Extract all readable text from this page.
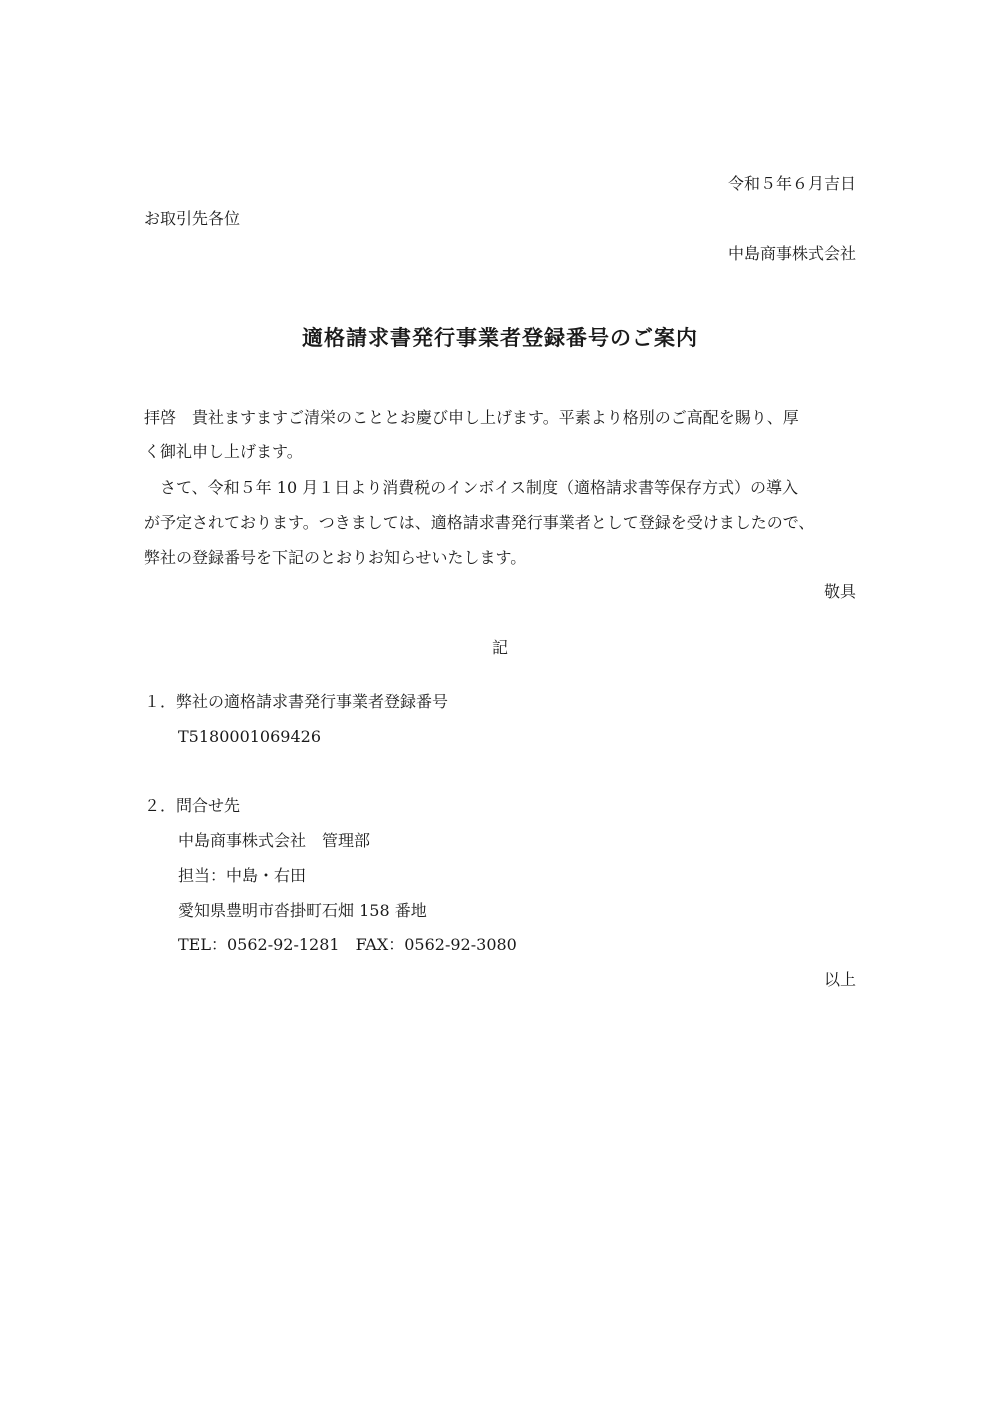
令和５年６月吉日
お取引先各位
中島商事株式会社
適格請求書発行事業者登録番号のご案内
拝啓　貴社ますますご清栄のこととお慶び申し上げます。平素より格別のご高配を賜り、厚
く御礼申し上げます。
さて、令和５年 10 月１日より消費税のインボイス制度（適格請求書等保存方式）の導入
が予定されております。つきましては、適格請求書発行事業者として登録を受けましたので、
弊社の登録番号を下記のとおりお知らせいたします。
敬具
記
１．弊社の適格請求書発行事業者登録番号
T5180001069426
２．問合せ先
中島商事株式会社　管理部
担当：中島・右田
愛知県豊明市沓掛町石畑 158 番地
TEL：0562-92-1281　FAX：0562-92-3080
以上
